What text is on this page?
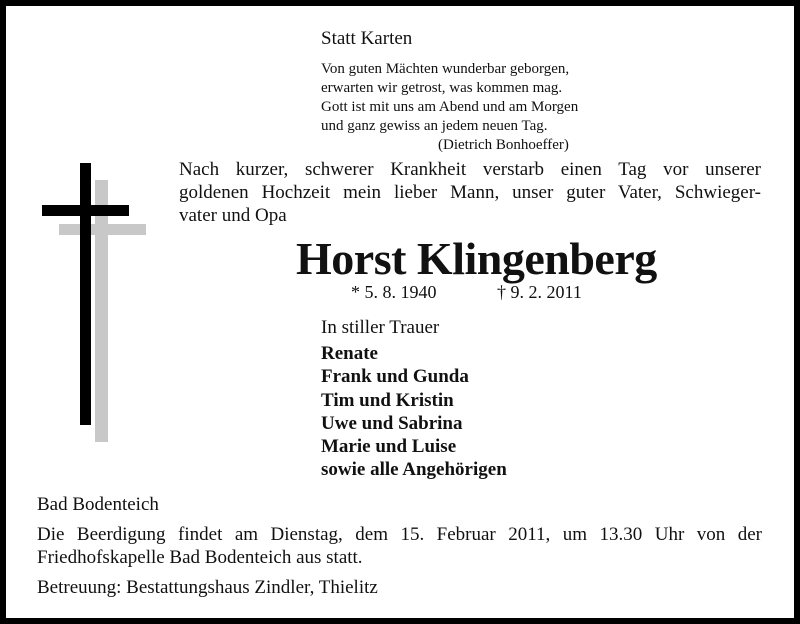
Statt Karten
Von guten Mächten wunderbar geborgen,
erwarten wir getrost, was kommen mag.
Gott ist mit uns am Abend und am Morgen
und ganz gewiss an jedem neuen Tag.
(Dietrich Bonhoeffer)
Nach kurzer, schwerer Krankheit verstarb einen Tag vor unserer
goldenen Hochzeit mein lieber Mann, unser guter Vater, Schwieger-
vater und Opa
Horst Klingenberg
* 5. 8. 1940	† 9. 2. 2011
In stiller Trauer
Renate
Frank und Gunda
Tim und Kristin
Uwe und Sabrina
Marie und Luise
sowie alle Angehörigen
Bad Bodenteich
Die Beerdigung findet am Dienstag, dem 15. Februar 2011, um 13.30 Uhr von der
Friedhofskapelle Bad Bodenteich aus statt.
Betreuung: Bestattungshaus Zindler, Thielitz
